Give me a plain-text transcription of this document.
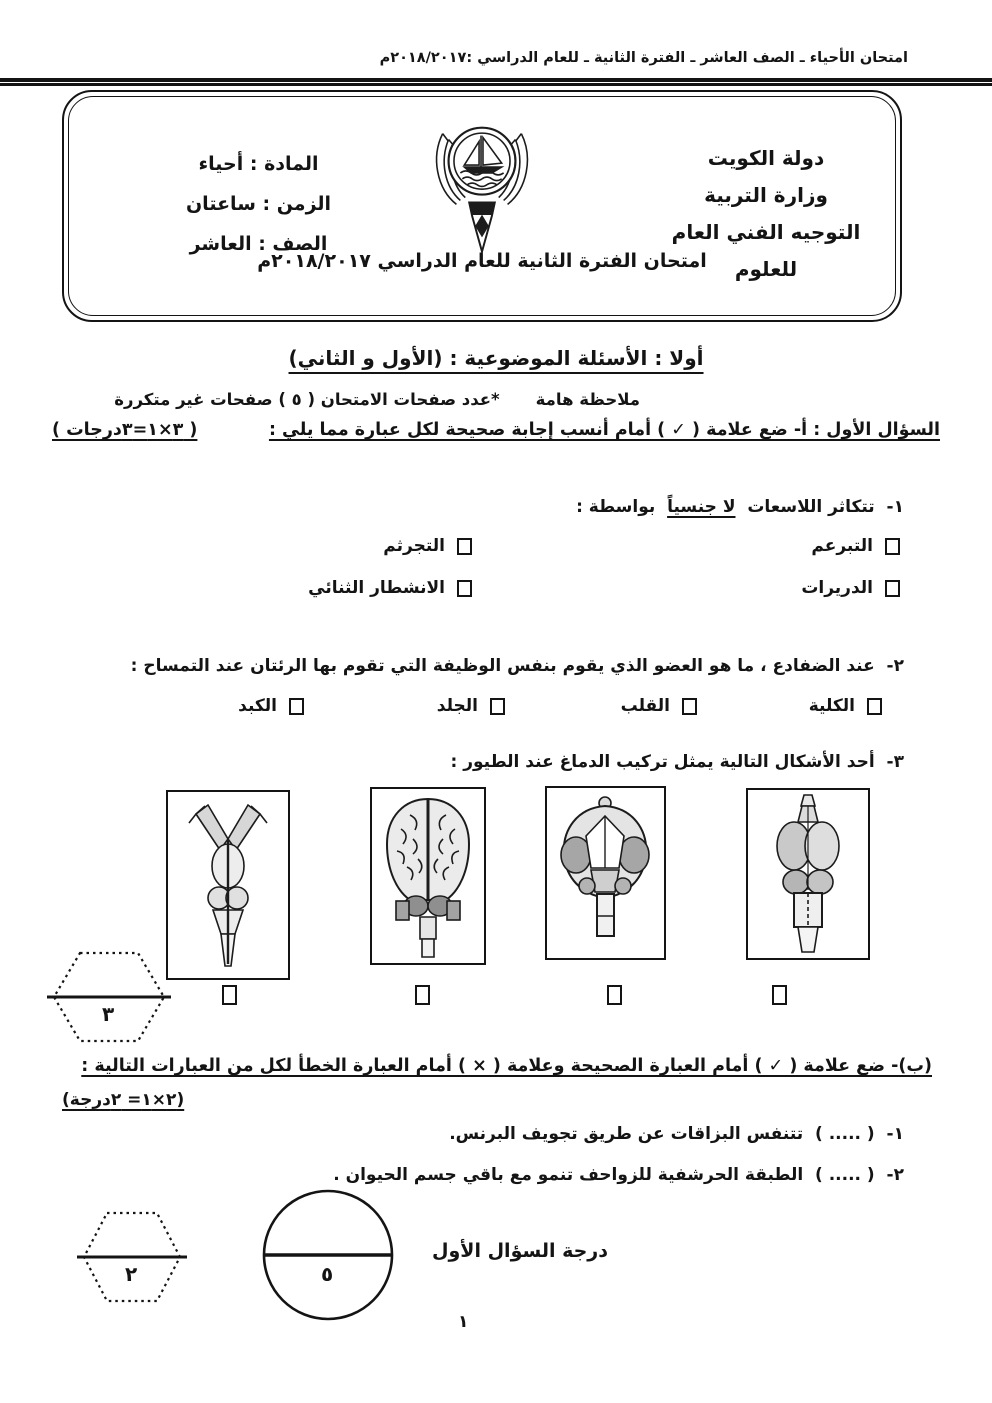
امتحان الأحياء ـ الصف العاشر ـ الفترة الثانية ـ للعام الدراسي :٢٠١٨/٢٠١٧م
دولة الكويت
وزارة التربية
التوجيه الفني العام للعلوم
المادة : أحياء
الزمن : ساعتان
الصف : العاشر
امتحان الفترة الثانية للعام الدراسي ٢٠١٨/٢٠١٧م
أولا : الأسئلة الموضوعية : (الأول و الثاني)
ملاحظة هامة
*عدد صفحات الامتحان ( ٥ ) صفحات غير متكررة
السؤال الأول : أ- ضع علامة ( ✓ ) أمام أنسب إجابة صحيحة لكل عبارة مما يلي :
( ٣×١=٣درجات )
١-  تتكاثر اللاسعات  لا جنسياً  بواسطة :
التبرعم
التجرثم
الدريرات
الانشطار الثنائي
٢-  عند الضفادع ، ما هو العضو الذي يقوم بنفس الوظيفة التي تقوم بها الرئتان عند التمساح :
الكلية
القلب
الجلد
الكبد
٣-  أحد الأشكال التالية يمثل تركيب الدماغ عند الطيور :
٣
(ب)- ضع علامة ( ✓ ) أمام العبارة الصحيحة وعلامة ( × ) أمام العبارة الخطأ لكل من العبارات التالية :
(٢×١= ٢درجة)
١-  ( ..... )  تتنفس البزاقات عن طريق تجويف البرنس.
٢-  ( ..... )  الطبقة الحرشفية للزواحف تنمو مع باقي جسم الحيوان .
٢	٥
درجة السؤال الأول
١
